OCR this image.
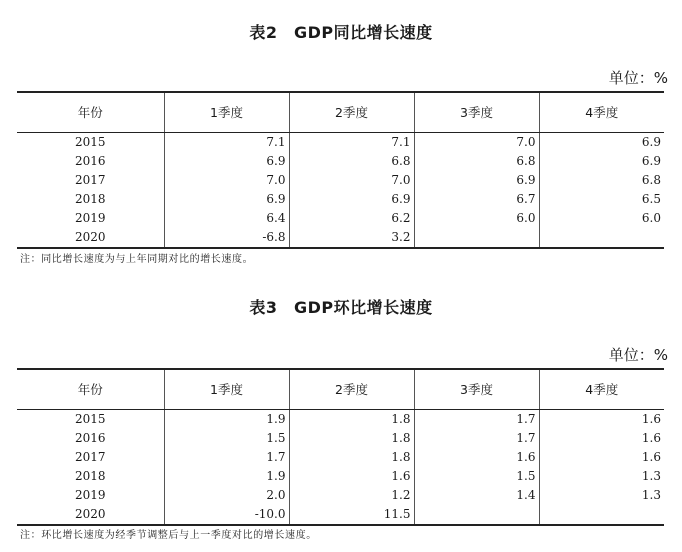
表2　GDP同比增长速度
单位：%
年份	1季度	2季度	3季度	4季度
2015	7.1	7.1	7.0	6.9
2016	6.9	6.8	6.8	6.9
2017	7.0	7.0	6.9	6.8
2018	6.9	6.9	6.7	6.5
2019	6.4	6.2	6.0	6.0
2020	-6.8	3.2		
注：同比增长速度为与上年同期对比的增长速度。
表3　GDP环比增长速度
单位：%
年份	1季度	2季度	3季度	4季度
2015	1.9	1.8	1.7	1.6
2016	1.5	1.8	1.7	1.6
2017	1.7	1.8	1.6	1.6
2018	1.9	1.6	1.5	1.3
2019	2.0	1.2	1.4	1.3
2020	-10.0	11.5		
注：环比增长速度为经季节调整后与上一季度对比的增长速度。
